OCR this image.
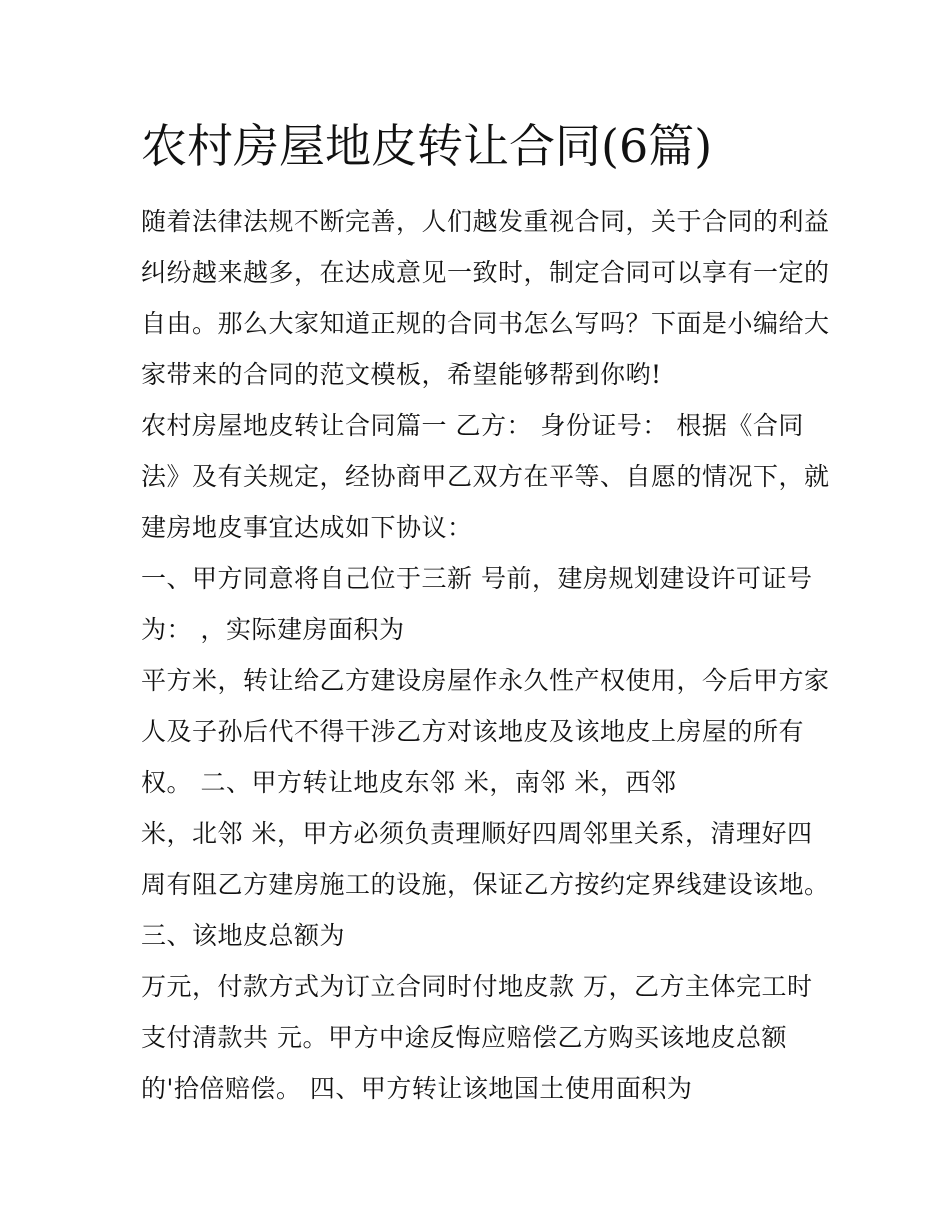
农村房屋地皮转让合同(6篇)
随着法律法规不断完善，人们越发重视合同，关于合同的利益
纠纷越来越多，在达成意见一致时，制定合同可以享有一定的
自由。那么大家知道正规的合同书怎么写吗？下面是小编给大
家带来的合同的范文模板，希望能够帮到你哟!
农村房屋地皮转让合同篇一 乙方： 身份证号： 根据《合同
法》及有关规定，经协商甲乙双方在平等、自愿的情况下，就
建房地皮事宜达成如下协议：
一、甲方同意将自己位于三新 号前，建房规划建设许可证号
为： ，实际建房面积为
平方米，转让给乙方建设房屋作永久性产权使用，今后甲方家
人及子孙后代不得干涉乙方对该地皮及该地皮上房屋的所有
权。 二、甲方转让地皮东邻 米，南邻 米，西邻
米，北邻 米，甲方必须负责理顺好四周邻里关系，清理好四
周有阻乙方建房施工的设施，保证乙方按约定界线建设该地。
三、该地皮总额为
万元，付款方式为订立合同时付地皮款 万，乙方主体完工时
支付清款共 元。甲方中途反悔应赔偿乙方购买该地皮总额
的'拾倍赔偿。 四、甲方转让该地国土使用面积为
